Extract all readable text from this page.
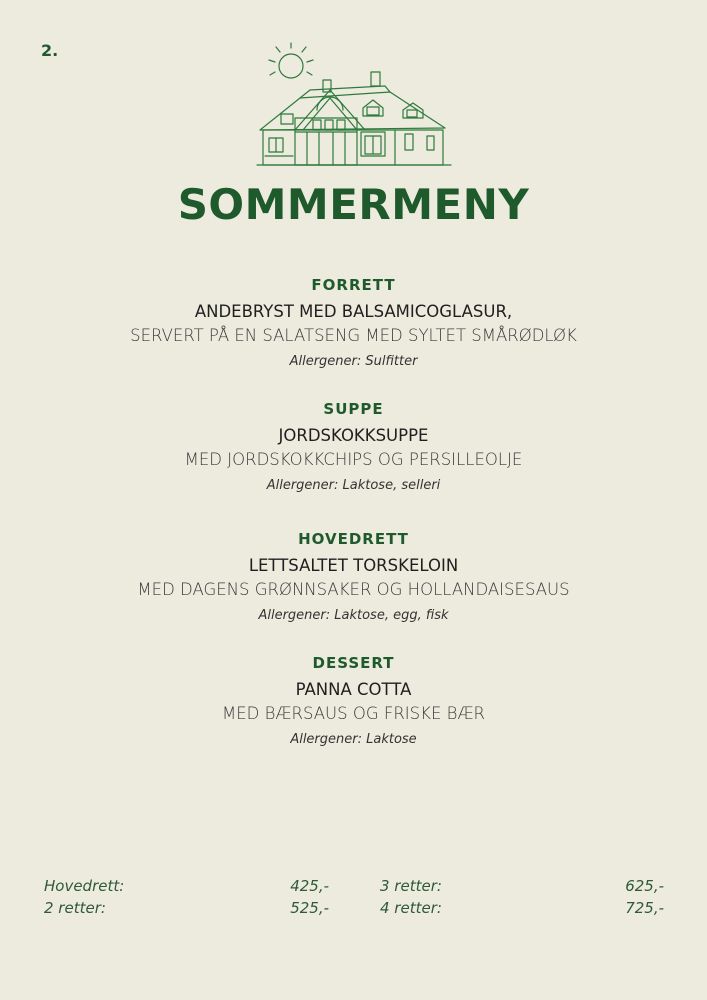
2.
SOMMERMENY
FORRETT
ANDEBRYST MED BALSAMICOGLASUR,
SERVERT PÅ EN SALATSENG MED SYLTET SMÅRØDLØK
Allergener: Sulfitter
SUPPE
JORDSKOKKSUPPE
MED JORDSKOKKCHIPS OG PERSILLEOLJE
Allergener: Laktose, selleri
HOVEDRETT
LETTSALTET TORSKELOIN
MED DAGENS GRØNNSAKER OG HOLLANDAISESAUS
Allergener: Laktose, egg, fisk
DESSERT
PANNA COTTA
MED BÆRSAUS OG FRISKE BÆR
Allergener: Laktose
Hovedrett:	425,-
2 retter:	525,-
3 retter:	625,-
4 retter:	725,-
